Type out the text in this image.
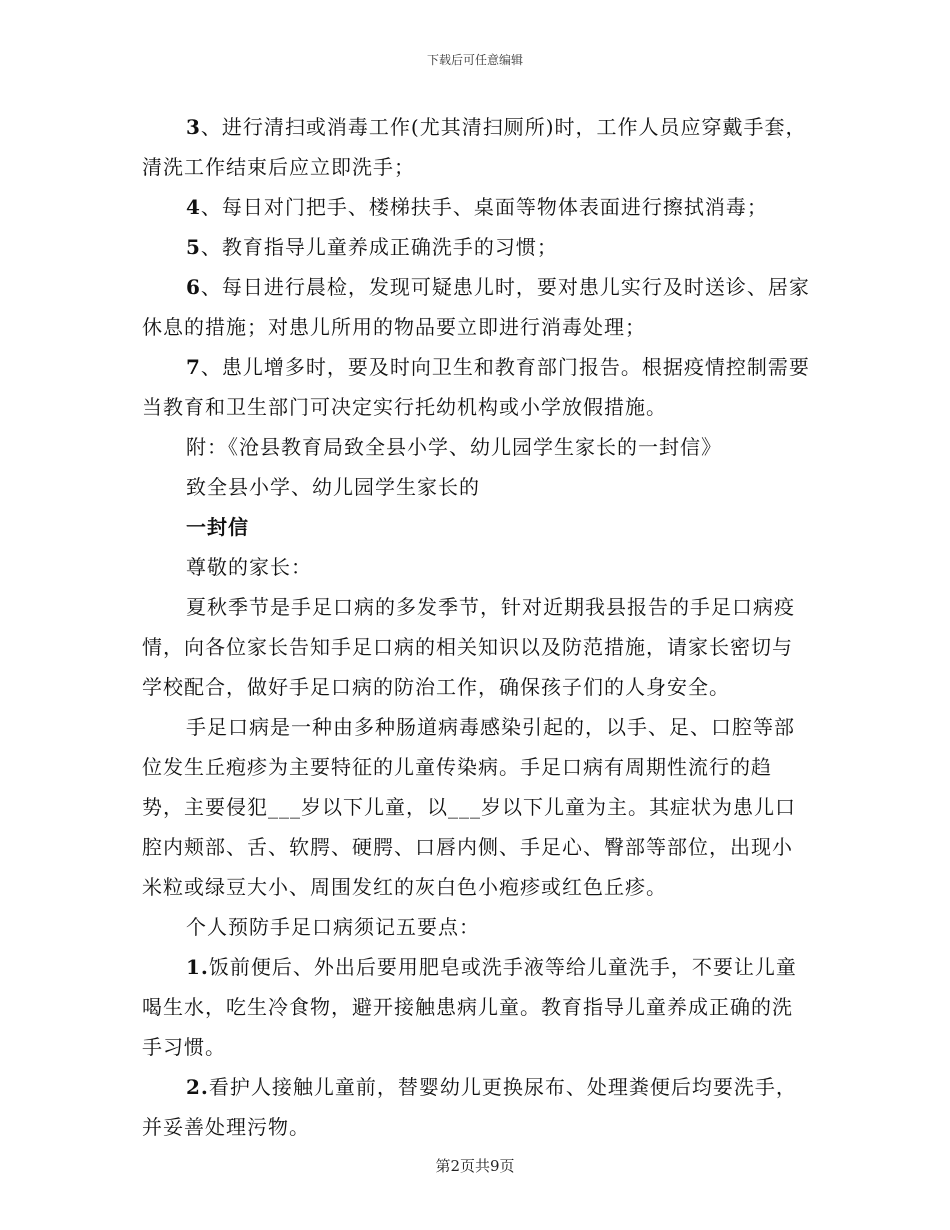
下载后可任意编辑

3、进行清扫或消毒工作(尤其清扫厕所)时，工作人员应穿戴手套，清洗工作结束后应立即洗手；

4、每日对门把手、楼梯扶手、桌面等物体表面进行擦拭消毒；

5、教育指导儿童养成正确洗手的习惯；

6、每日进行晨检，发现可疑患儿时，要对患儿实行及时送诊、居家休息的措施；对患儿所用的物品要立即进行消毒处理；

7、患儿增多时，要及时向卫生和教育部门报告。根据疫情控制需要当教育和卫生部门可决定实行托幼机构或小学放假措施。

附：《沧县教育局致全县小学、幼儿园学生家长的一封信》

致全县小学、幼儿园学生家长的

一封信

尊敬的家长：

夏秋季节是手足口病的多发季节，针对近期我县报告的手足口病疫情，向各位家长告知手足口病的相关知识以及防范措施，请家长密切与学校配合，做好手足口病的防治工作，确保孩子们的人身安全。

手足口病是一种由多种肠道病毒感染引起的，以手、足、口腔等部位发生丘疱疹为主要特征的儿童传染病。手足口病有周期性流行的趋势，主要侵犯___岁以下儿童，以___岁以下儿童为主。其症状为患儿口腔内颊部、舌、软腭、硬腭、口唇内侧、手足心、臀部等部位，出现小米粒或绿豆大小、周围发红的灰白色小疱疹或红色丘疹。

个人预防手足口病须记五要点：

1.饭前便后、外出后要用肥皂或洗手液等给儿童洗手，不要让儿童喝生水，吃生冷食物，避开接触患病儿童。教育指导儿童养成正确的洗手习惯。

2.看护人接触儿童前，替婴幼儿更换尿布、处理粪便后均要洗手，并妥善处理污物。

第2页共9页
